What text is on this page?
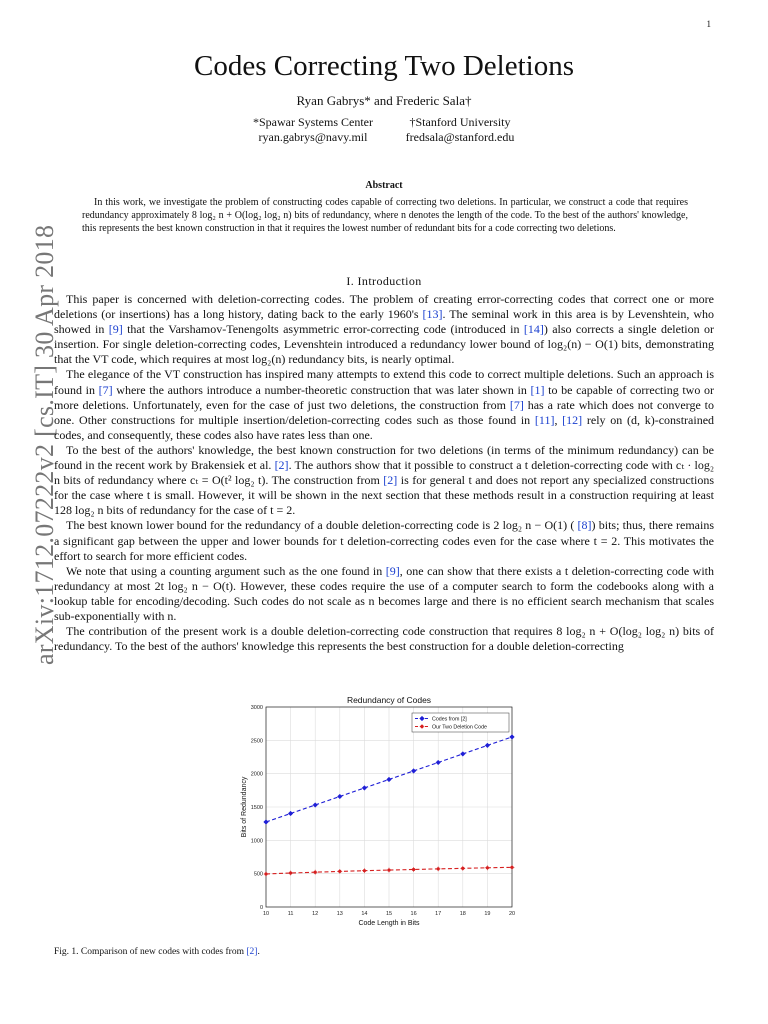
1
arXiv:1712.07222v2 [cs.IT] 30 Apr 2018
Codes Correcting Two Deletions
Ryan Gabrys* and Frederic Sala†
*Spawar Systems Center
ryan.gabrys@navy.mil
†Stanford University
fredsala@stanford.edu
Abstract
In this work, we investigate the problem of constructing codes capable of correcting two deletions. In particular, we construct a code that requires redundancy approximately 8 log₂ n + O(log₂ log₂ n) bits of redundancy, where n denotes the length of the code. To the best of the authors' knowledge, this represents the best known construction in that it requires the lowest number of redundant bits for a code correcting two deletions.
I. Introduction

This paper is concerned with deletion-correcting codes. The problem of creating error-correcting codes that correct one or more deletions (or insertions) has a long history, dating back to the early 1960's [13]. The seminal work in this area is by Levenshtein, who showed in [9] that the Varshamov-Tenengolts asymmetric error-correcting code (introduced in [14]) also corrects a single deletion or insertion. For single deletion-correcting codes, Levenshtein introduced a redundancy lower bound of log₂(n) − O(1) bits, demonstrating that the VT code, which requires at most log₂(n) redundancy bits, is nearly optimal.

The elegance of the VT construction has inspired many attempts to extend this code to correct multiple deletions. Such an approach is found in [7] where the authors introduce a number-theoretic construction that was later shown in [1] to be capable of correcting two or more deletions. Unfortunately, even for the case of just two deletions, the construction from [7] has a rate which does not converge to one. Other constructions for multiple insertion/deletion-correcting codes such as those found in [11], [12] rely on (d, k)-constrained codes, and consequently, these codes also have rates less than one.

To the best of the authors' knowledge, the best known construction for two deletions (in terms of the minimum redundancy) can be found in the recent work by Brakensiek et al. [2]. The authors show that it possible to construct a t deletion-correcting code with cₜ · log₂ n bits of redundancy where cₜ = O(t² log₂ t). The construction from [2] is for general t and does not report any specialized constructions for the case where t is small. However, it will be shown in the next section that these methods result in a construction requiring at least 128 log₂ n bits of redundancy for the case of t = 2.

The best known lower bound for the redundancy of a double deletion-correcting code is 2 log₂ n − O(1) ( [8]) bits; thus, there remains a significant gap between the upper and lower bounds for t deletion-correcting codes even for the case where t = 2. This motivates the effort to search for more efficient codes.

We note that using a counting argument such as the one found in [9], one can show that there exists a t deletion-correcting code with redundancy at most 2t log₂ n − O(t). However, these codes require the use of a computer search to form the codebooks along with a lookup table for encoding/decoding. Such codes do not scale as n becomes large and there is no efficient search mechanism that scales sub-exponentially with n.

The contribution of the present work is a double deletion-correcting code construction that requires 8 log₂ n + O(log₂ log₂ n) bits of redundancy. To the best of the authors' knowledge this represents the best construction for a double deletion-correcting

10	11	12	13	14	15	16	17	18	19	20
0
500
1000
1500
2000
2500
3000
Redundancy of Codes
Code Length in Bits
Bits of Redundancy
Codes from [2]
Our Two Deletion Code
Fig. 1. Comparison of new codes with codes from [2].
